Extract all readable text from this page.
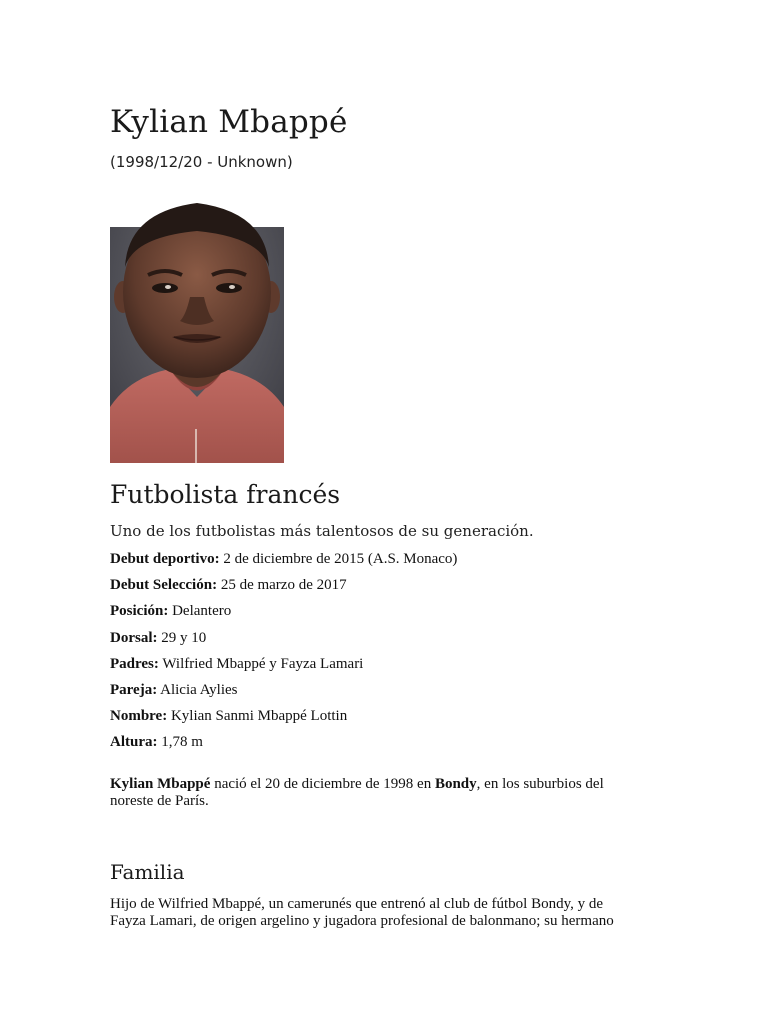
Kylian Mbappé
(1998/12/20 - Unknown)
Futbolista francés
Uno de los futbolistas más talentosos de su generación.
Debut deportivo: 2 de diciembre de 2015 (A.S. Monaco)
Debut Selección: 25 de marzo de 2017
Posición: Delantero
Dorsal: 29 y 10
Padres: Wilfried Mbappé y Fayza Lamari
Pareja: Alicia Aylies
Nombre: Kylian Sanmi Mbappé Lottin
Altura: 1,78 m

Kylian Mbappé nació el 20 de diciembre de 1998 en Bondy, en los suburbios del noreste de París.

Familia

Hijo de Wilfried Mbappé, un camerunés que entrenó al club de fútbol Bondy, y de Fayza Lamari, de origen argelino y jugadora profesional de balonmano; su hermano
